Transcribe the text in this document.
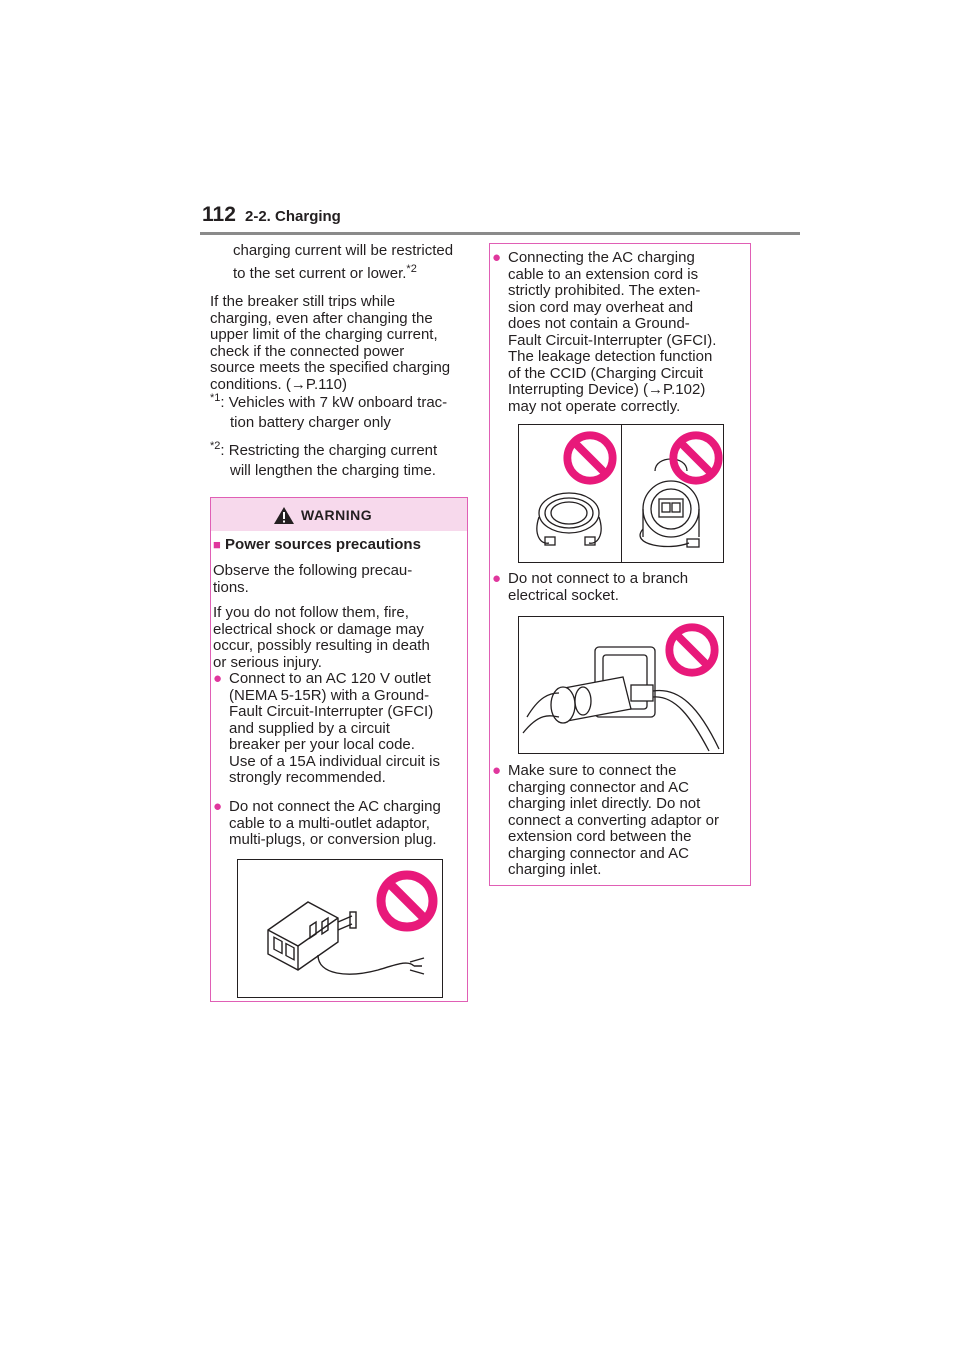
112 2-2. Charging
charging current will be restricted
to the set current or lower.$^{*2}$
If the breaker still trips while
charging, even after changing the
upper limit of the charging current,
check if the connected power
source meets the specified charging
conditions. (→P.110)
$^{*1}$: Vehicles with 7 kW onboard trac-
tion battery charger only
$^{*2}$: Restricting the charging current
will lengthen the charging time.
WARNING
■ Power sources precautions
Observe the following precau-
tions.
If you do not follow them, fire,
electrical shock or damage may
occur, possibly resulting in death
or serious injury.
● Connect to an AC 120 V outlet
(NEMA 5-15R) with a Ground-
Fault Circuit-Interrupter (GFCI)
and supplied by a circuit
breaker per your local code.
Use of a 15A individual circuit is
strongly recommended.
● Do not connect the AC charging
cable to a multi-outlet adaptor,
multi-plugs, or conversion plug.
● Connecting the AC charging
cable to an extension cord is
strictly prohibited. The exten-
sion cord may overheat and
does not contain a Ground-
Fault Circuit-Interrupter (GFCI).
The leakage detection function
of the CCID (Charging Circuit
Interrupting Device) (→P.102)
may not operate correctly.
● Do not connect to a branch
electrical socket.
● Make sure to connect the
charging connector and AC
charging inlet directly. Do not
connect a converting adaptor or
extension cord between the
charging connector and AC
charging inlet.
